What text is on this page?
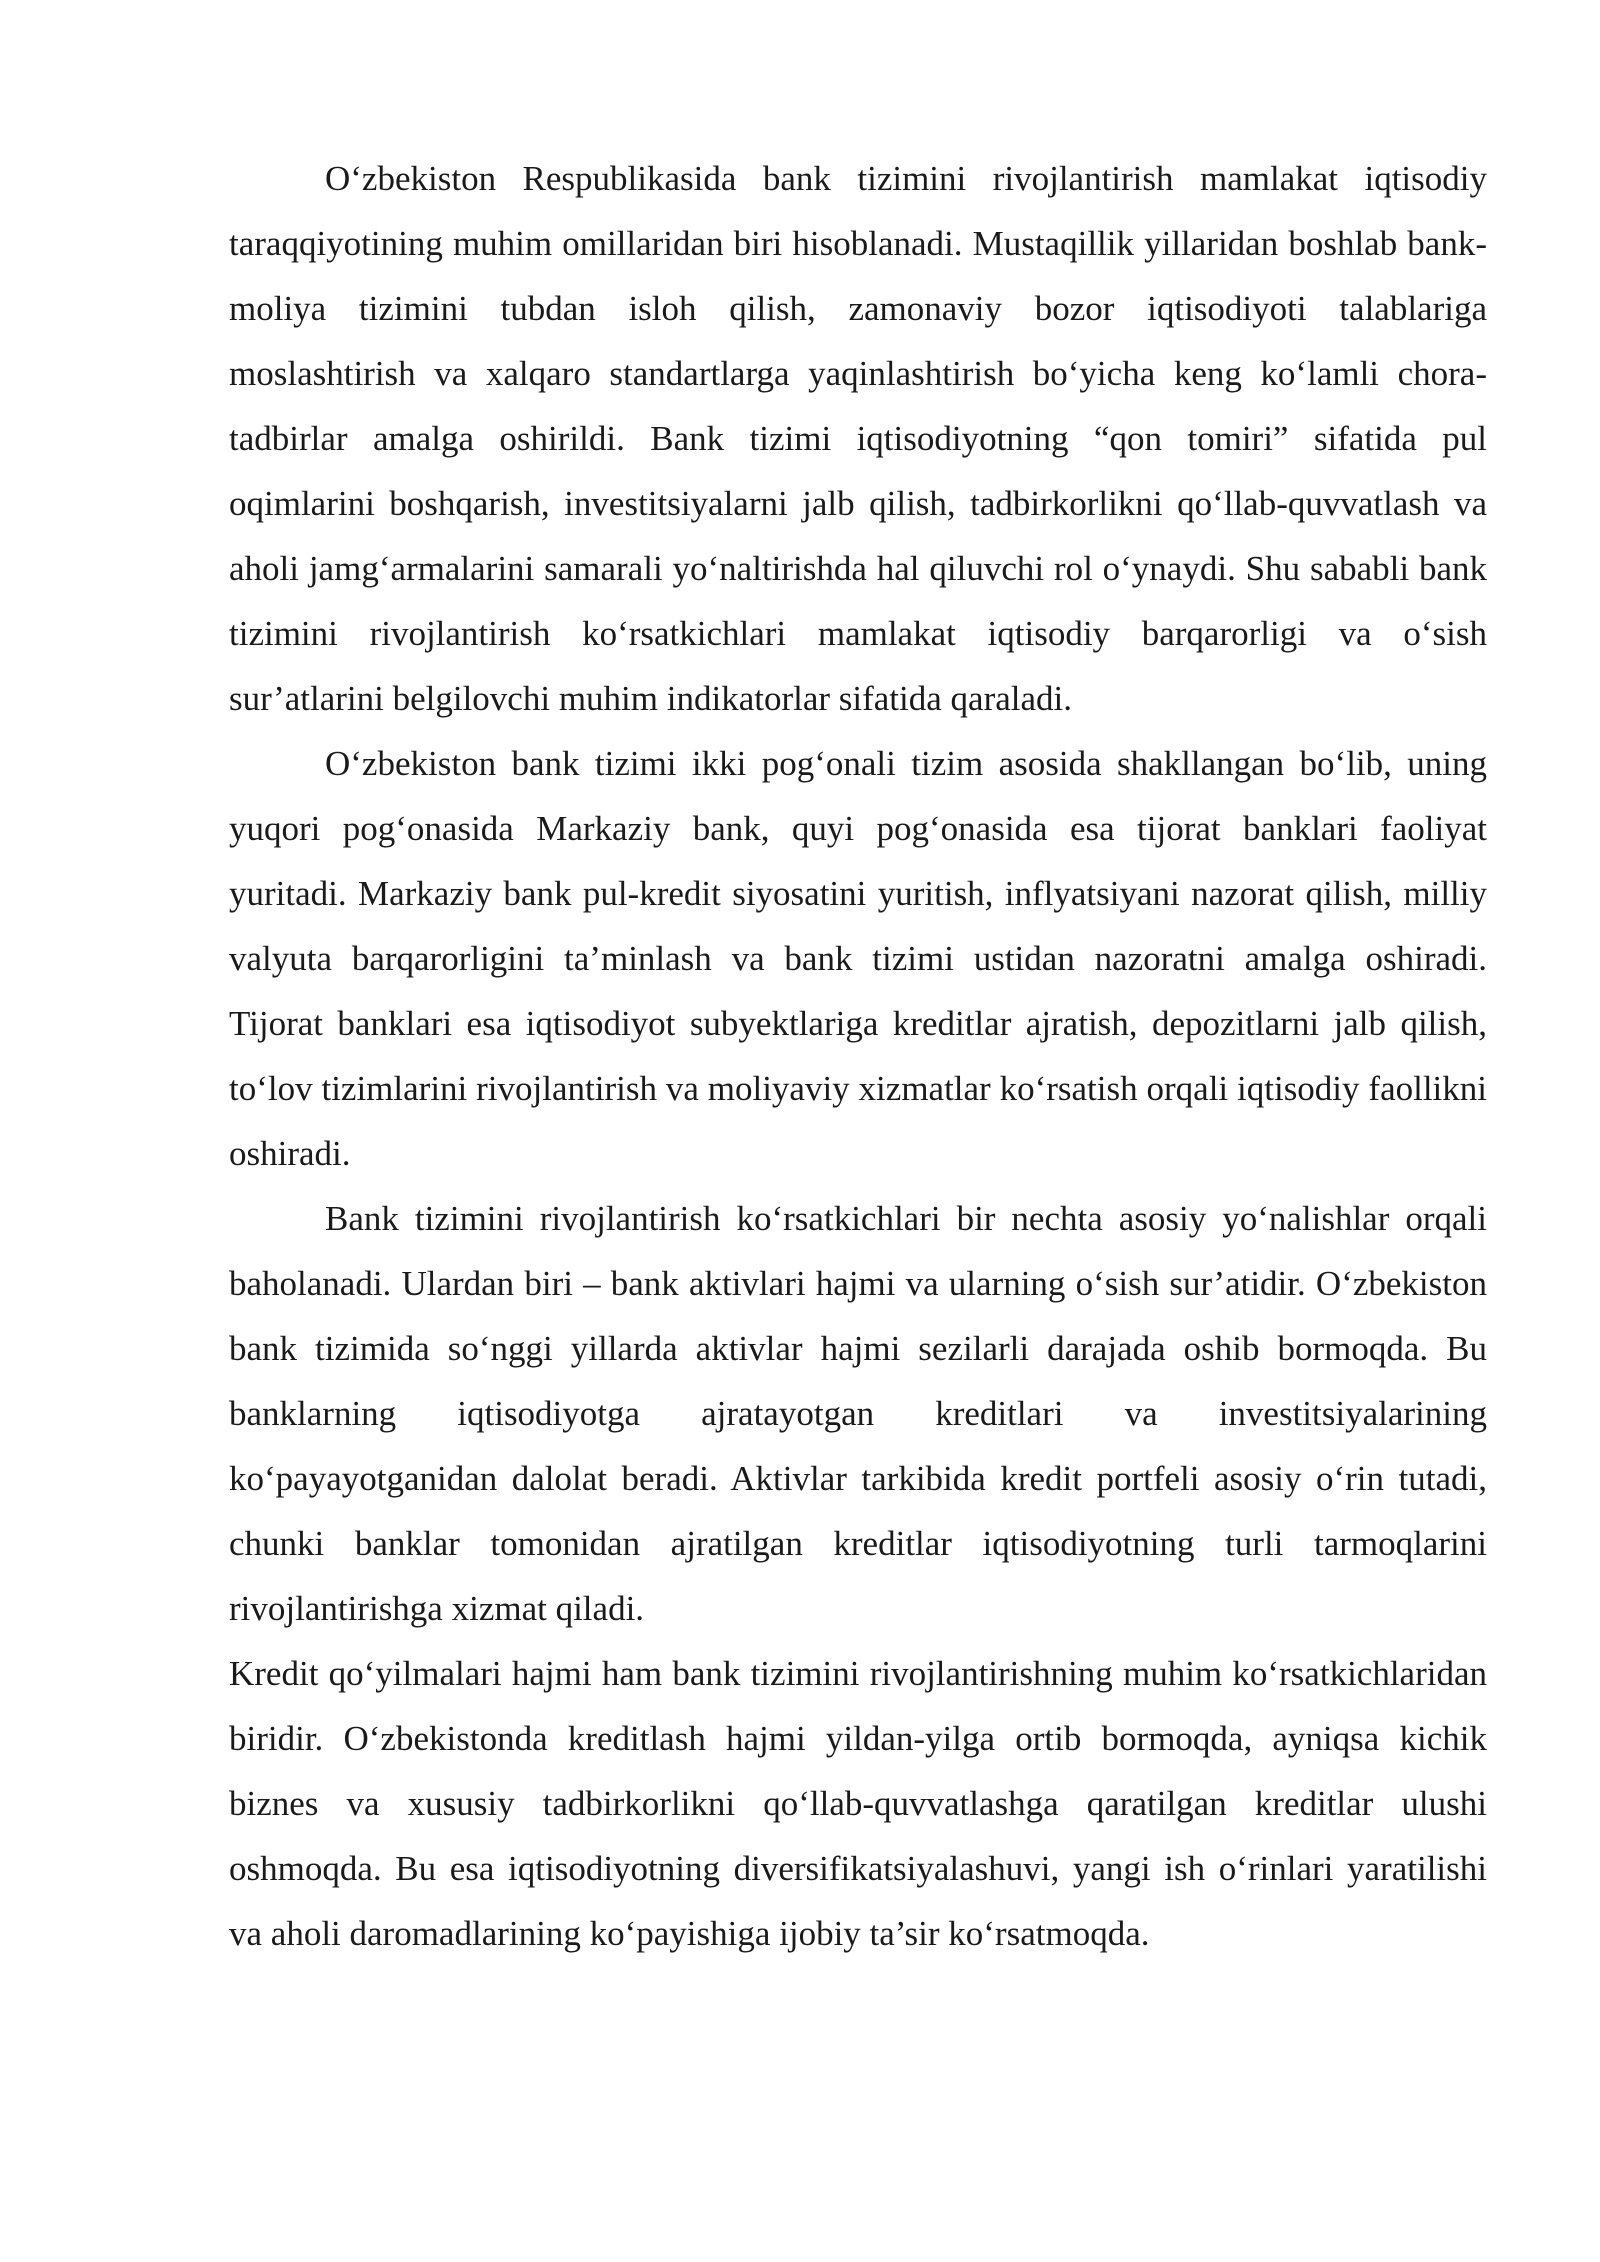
O‘zbekiston Respublikasida bank tizimini rivojlantirish mamlakat iqtisodiy taraqqiyotining muhim omillaridan biri hisoblanadi. Mustaqillik yillaridan boshlab bank-moliya tizimini tubdan isloh qilish, zamonaviy bozor iqtisodiyoti talablariga moslashtirish va xalqaro standartlarga yaqinlashtirish bo‘yicha keng ko‘lamli chora-tadbirlar amalga oshirildi. Bank tizimi iqtisodiyotning “qon tomiri” sifatida pul oqimlarini boshqarish, investitsiyalarni jalb qilish, tadbirkorlikni qo‘llab-quvvatlash va aholi jamg‘armalarini samarali yo‘naltirishda hal qiluvchi rol o‘ynaydi. Shu sababli bank tizimini rivojlantirish ko‘rsatkichlari mamlakat iqtisodiy barqarorligi va o‘sish sur’atlarini belgilovchi muhim indikatorlar sifatida qaraladi.

O‘zbekiston bank tizimi ikki pog‘onali tizim asosida shakllangan bo‘lib, uning yuqori pog‘onasida Markaziy bank, quyi pog‘onasida esa tijorat banklari faoliyat yuritadi. Markaziy bank pul-kredit siyosatini yuritish, inflyatsiyani nazorat qilish, milliy valyuta barqarorligini ta’minlash va bank tizimi ustidan nazoratni amalga oshiradi. Tijorat banklari esa iqtisodiyot subyektlariga kreditlar ajratish, depozitlarni jalb qilish, to‘lov tizimlarini rivojlantirish va moliyaviy xizmatlar ko‘rsatish orqali iqtisodiy faollikni oshiradi.

Bank tizimini rivojlantirish ko‘rsatkichlari bir nechta asosiy yo‘nalishlar orqali baholanadi. Ulardan biri – bank aktivlari hajmi va ularning o‘sish sur’atidir. O‘zbekiston bank tizimida so‘nggi yillarda aktivlar hajmi sezilarli darajada oshib bormoqda. Bu banklarning iqtisodiyotga ajratayotgan kreditlari va investitsiyalarining ko‘payayotganidan dalolat beradi. Aktivlar tarkibida kredit portfeli asosiy o‘rin tutadi, chunki banklar tomonidan ajratilgan kreditlar iqtisodiyotning turli tarmoqlarini rivojlantirishga xizmat qiladi.

Kredit qo‘yilmalari hajmi ham bank tizimini rivojlantirishning muhim ko‘rsatkichlaridan biridir. O‘zbekistonda kreditlash hajmi yildan-yilga ortib bormoqda, ayniqsa kichik biznes va xususiy tadbirkorlikni qo‘llab-quvvatlashga qaratilgan kreditlar ulushi oshmoqda. Bu esa iqtisodiyotning diversifikatsiyalashuvi, yangi ish o‘rinlari yaratilishi va aholi daromadlarining ko‘payishiga ijobiy ta’sir ko‘rsatmoqda.
